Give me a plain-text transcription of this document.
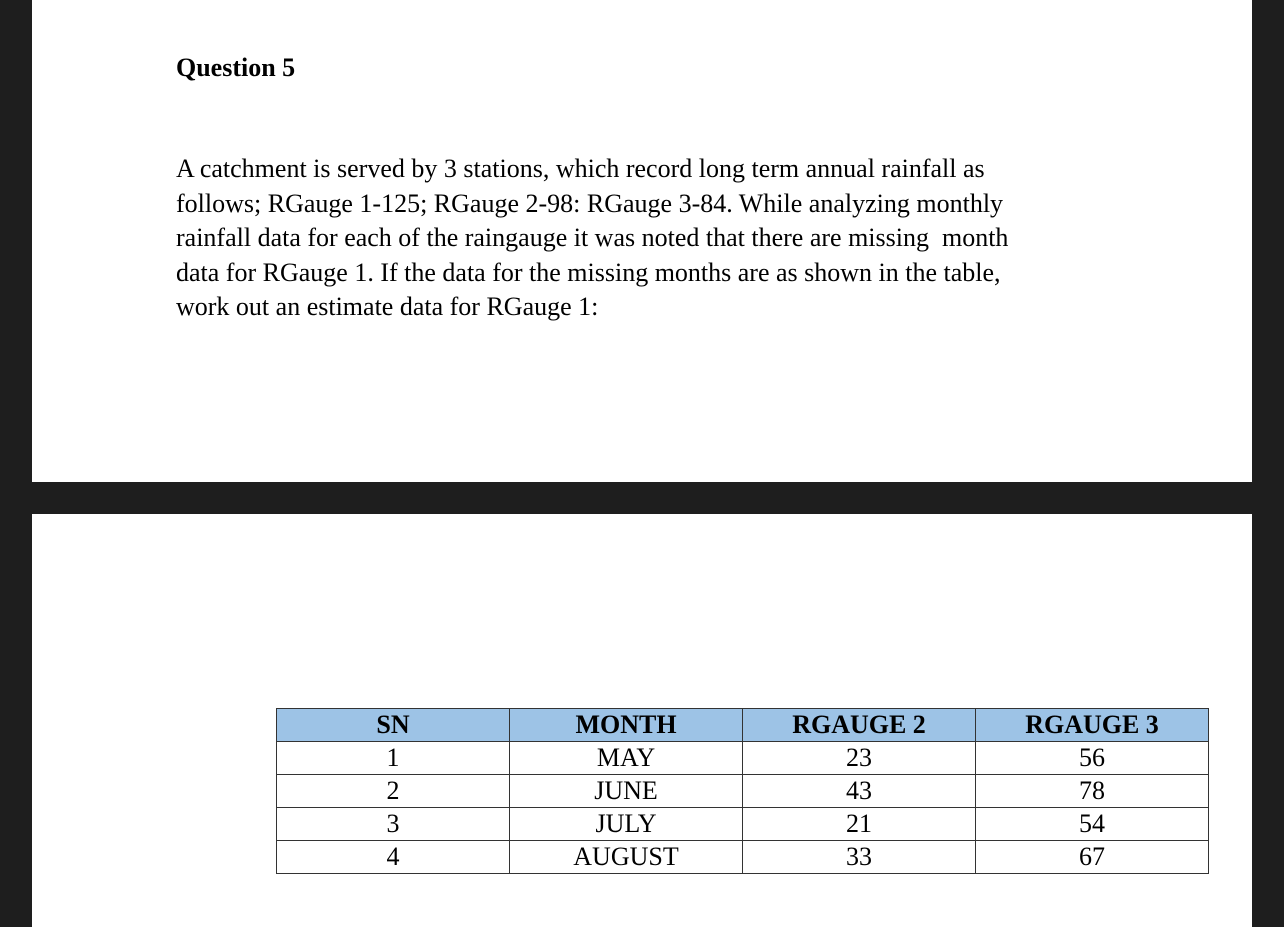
Question 5

A catchment is served by 3 stations, which record long term annual rainfall as
follows; RGauge 1-125; RGauge 2-98: RGauge 3-84. While analyzing monthly
rainfall data for each of the raingauge it was noted that there are missing  month
data for RGauge 1. If the data for the missing months are as shown in the table,
work out an estimate data for RGauge 1:

SN	MONTH	RGAUGE 2	RGAUGE 3
1	MAY	23	56
2	JUNE	43	78
3	JULY	21	54
4	AUGUST	33	67
